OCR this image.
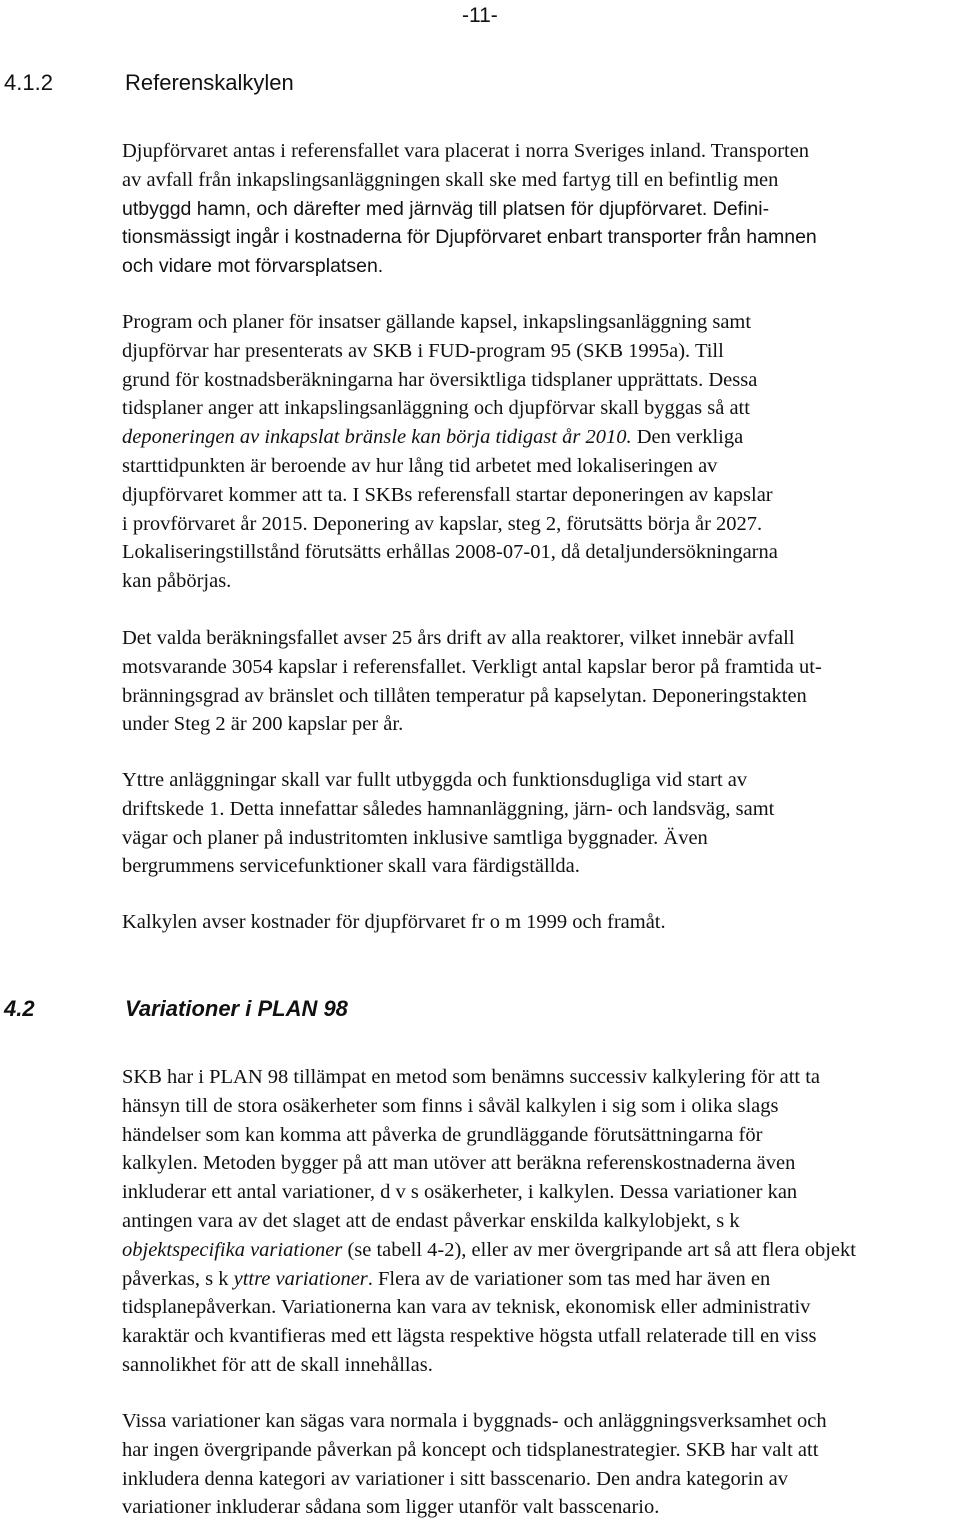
-11-
4.1.2	Referenskalkylen
Djupförvaret antas i referensfallet vara placerat i norra Sveriges inland. Transporten
av avfall från inkapslingsanläggningen skall ske med fartyg till en befintlig men
utbyggd hamn, och därefter med järnväg till platsen för djupförvaret. Defini-
tionsmässigt ingår i kostnaderna för Djupförvaret enbart transporter från hamnen
och vidare mot förvarsplatsen.
Program och planer för insatser gällande kapsel, inkapslingsanläggning samt
djupförvar har presenterats av SKB i FUD-program 95 (SKB 1995a). Till
grund för kostnadsberäkningarna har översiktliga tidsplaner upprättats. Dessa
tidsplaner anger att inkapslingsanläggning och djupförvar skall byggas så att
deponeringen av inkapslat bränsle kan börja tidigast år 2010. Den verkliga
starttidpunkten är beroende av hur lång tid arbetet med lokaliseringen av
djupförvaret kommer att ta. I SKBs referensfall startar deponeringen av kapslar
i provförvaret år 2015. Deponering av kapslar, steg 2, förutsätts börja år 2027.
Lokaliseringstillstånd förutsätts erhållas 2008-07-01, då detaljundersökningarna
kan påbörjas.
Det valda beräkningsfallet avser 25 års drift av alla reaktorer, vilket innebär avfall
motsvarande 3054 kapslar i referensfallet. Verkligt antal kapslar beror på framtida ut-
bränningsgrad av bränslet och tillåten temperatur på kapselytan. Deponeringstakten
under Steg 2 är 200 kapslar per år.
Yttre anläggningar skall var fullt utbyggda och funktionsdugliga vid start av
driftskede 1. Detta innefattar således hamnanläggning, järn- och landsväg, samt
vägar och planer på industritomten inklusive samtliga byggnader. Även
bergrummens servicefunktioner skall vara färdigställda.
Kalkylen avser kostnader för djupförvaret fr o m 1999 och framåt.
4.2	Variationer i PLAN 98
SKB har i PLAN 98 tillämpat en metod som benämns successiv kalkylering för att ta
hänsyn till de stora osäkerheter som finns i såväl kalkylen i sig som i olika slags
händelser som kan komma att påverka de grundläggande förutsättningarna för
kalkylen. Metoden bygger på att man utöver att beräkna referenskostnaderna även
inkluderar ett antal variationer, d v s osäkerheter, i kalkylen. Dessa variationer kan
antingen vara av det slaget att de endast påverkar enskilda kalkylobjekt, s k
objektspecifika variationer (se tabell 4-2), eller av mer övergripande art så att flera objekt
påverkas, s k yttre variationer. Flera av de variationer som tas med har även en
tidsplanepåverkan. Variationerna kan vara av teknisk, ekonomisk eller administrativ
karaktär och kvantifieras med ett lägsta respektive högsta utfall relaterade till en viss
sannolikhet för att de skall innehållas.
Vissa variationer kan sägas vara normala i byggnads- och anläggningsverksamhet och
har ingen övergripande påverkan på koncept och tidsplanestrategier. SKB har valt att
inkludera denna kategori av variationer i sitt basscenario. Den andra kategorin av
variationer inkluderar sådana som ligger utanför valt basscenario.
